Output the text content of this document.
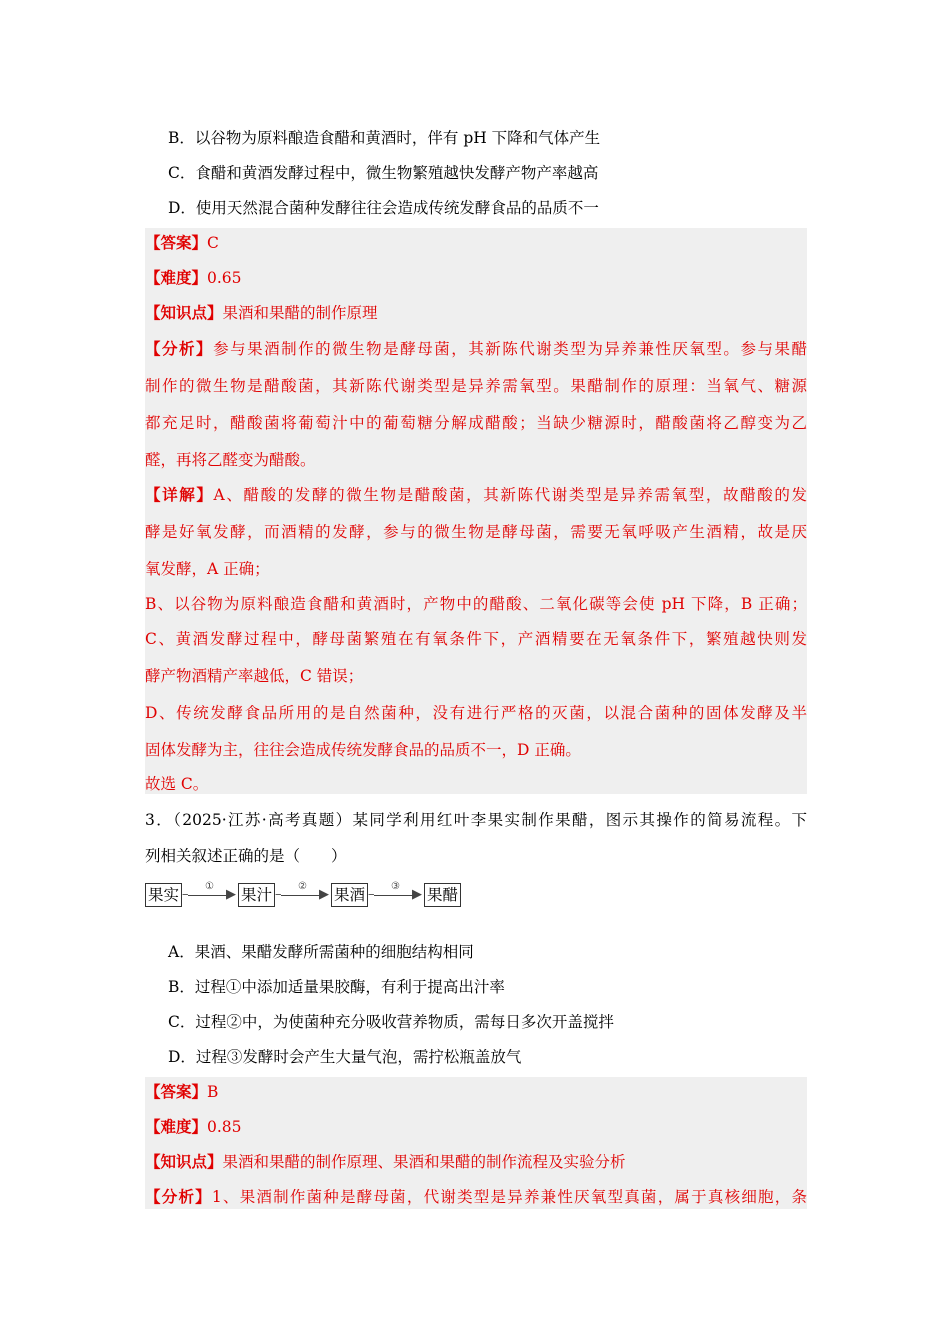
B．以谷物为原料酿造食醋和黄酒时，伴有 pH 下降和气体产生
C．食醋和黄酒发酵过程中，微生物繁殖越快发酵产物产率越高
D．使用天然混合菌种发酵往往会造成传统发酵食品的品质不一
【答案】C
【难度】0.65
【知识点】果酒和果醋的制作原理
【分析】参与果酒制作的微生物是酵母菌，其新陈代谢类型为异养兼性厌氧型。参与果醋
制作的微生物是醋酸菌，其新陈代谢类型是异养需氧型。果醋制作的原理：当氧气、糖源
都充足时，醋酸菌将葡萄汁中的葡萄糖分解成醋酸；当缺少糖源时，醋酸菌将乙醇变为乙
醛，再将乙醛变为醋酸。
【详解】A、醋酸的发酵的微生物是醋酸菌，其新陈代谢类型是异养需氧型，故醋酸的发
酵是好氧发酵，而酒精的发酵，参与的微生物是酵母菌，需要无氧呼吸产生酒精，故是厌
氧发酵，A 正确；
B、以谷物为原料酿造食醋和黄酒时，产物中的醋酸、二氧化碳等会使 pH 下降，B 正确；
C、黄酒发酵过程中，酵母菌繁殖在有氧条件下，产酒精要在无氧条件下，繁殖越快则发
酵产物酒精产率越低，C 错误；
D、传统发酵食品所用的是自然菌种，没有进行严格的灭菌，以混合菌种的固体发酵及半
固体发酵为主，往往会造成传统发酵食品的品质不一，D 正确。
故选 C。
3．（2025·江苏·高考真题）某同学利用红叶李果实制作果醋，图示其操作的简易流程。下
列相关叙述正确的是（　　）
果实 –
①
▶ 果汁 –
②
▶ 果酒 –
③
▶ 果醋
A．果酒、果醋发酵所需菌种的细胞结构相同
B．过程①中添加适量果胶酶，有利于提高出汁率
C．过程②中，为使菌种充分吸收营养物质，需每日多次开盖搅拌
D．过程③发酵时会产生大量气泡，需拧松瓶盖放气
【答案】B
【难度】0.85
【知识点】果酒和果醋的制作原理、果酒和果醋的制作流程及实验分析
【分析】1、果酒制作菌种是酵母菌，代谢类型是异养兼性厌氧型真菌，属于真核细胞，条
